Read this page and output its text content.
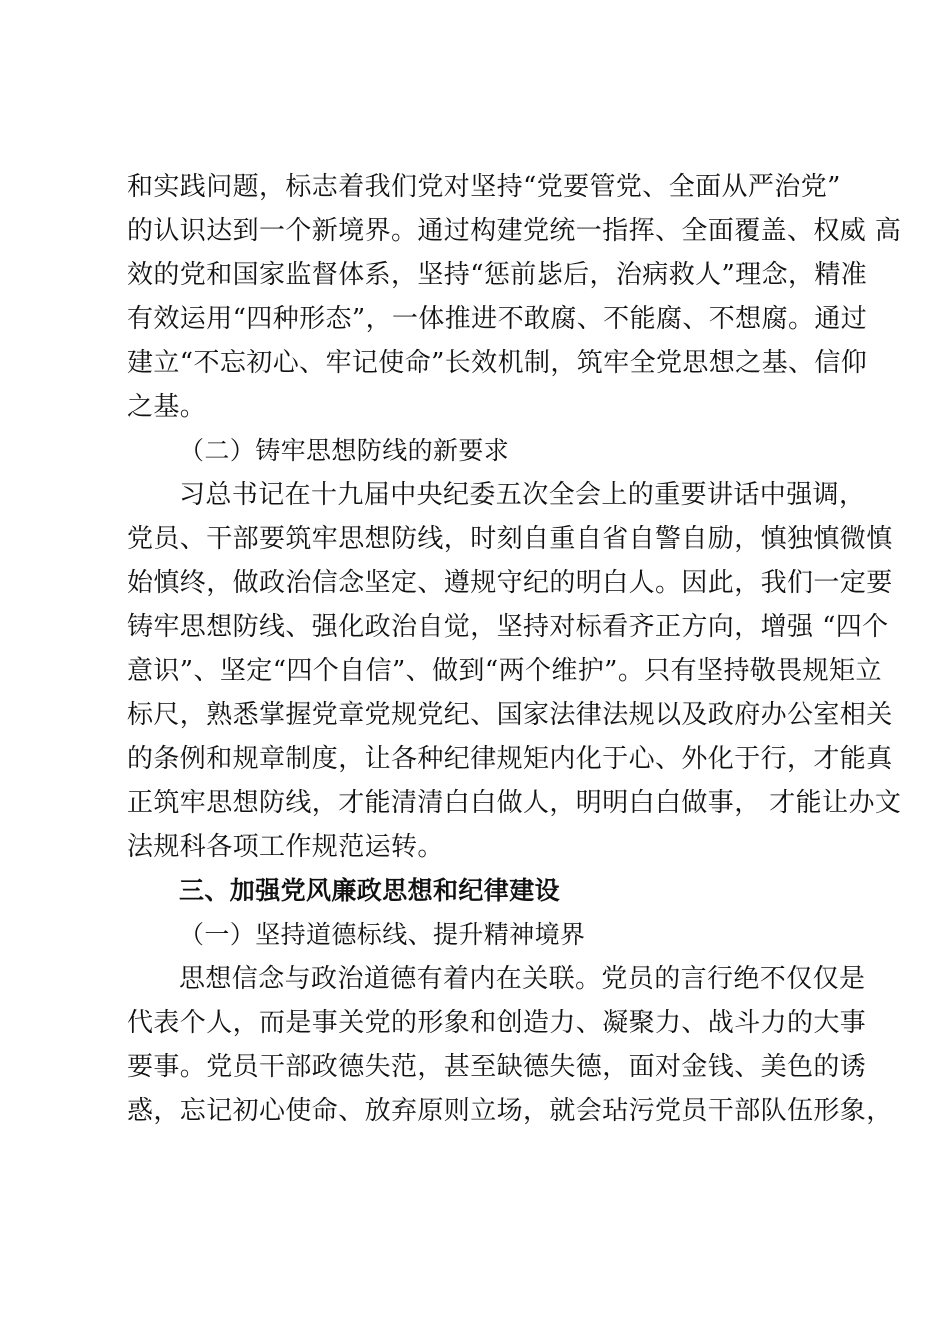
和实践问题，标志着我们党对坚持“党要管党、全面从严治党”
的认识达到一个新境界。通过构建党统一指挥、全面覆盖、权威 高
效的党和国家监督体系，坚持“惩前毖后，治病救人”理念，精准
有效运用“四种形态”，一体推进不敢腐、不能腐、不想腐。通过
建立“不忘初心、牢记使命”长效机制，筑牢全党思想之基、信仰
之基。
（二）铸牢思想防线的新要求
习总书记在十九届中央纪委五次全会上的重要讲话中强调，
党员、干部要筑牢思想防线，时刻自重自省自警自励，慎独慎微慎
始慎终，做政治信念坚定、遵规守纪的明白人。因此，我们一定要
铸牢思想防线、强化政治自觉，坚持对标看齐正方向，增强 “四个
意识”、坚定“四个自信”、做到“两个维护”。只有坚持敬畏规矩立
标尺，熟悉掌握党章党规党纪、国家法律法规以及政府办公室相关
的条例和规章制度，让各种纪律规矩内化于心、外化于行，才能真
正筑牢思想防线，才能清清白白做人，明明白白做事， 才能让办文
法规科各项工作规范运转。
三、加强党风廉政思想和纪律建设
（一）坚持道德标线、提升精神境界
思想信念与政治道德有着内在关联。党员的言行绝不仅仅是
代表个人，而是事关党的形象和创造力、凝聚力、战斗力的大事
要事。党员干部政德失范，甚至缺德失德，面对金钱、美色的诱
惑，忘记初心使命、放弃原则立场，就会玷污党员干部队伍形象，
